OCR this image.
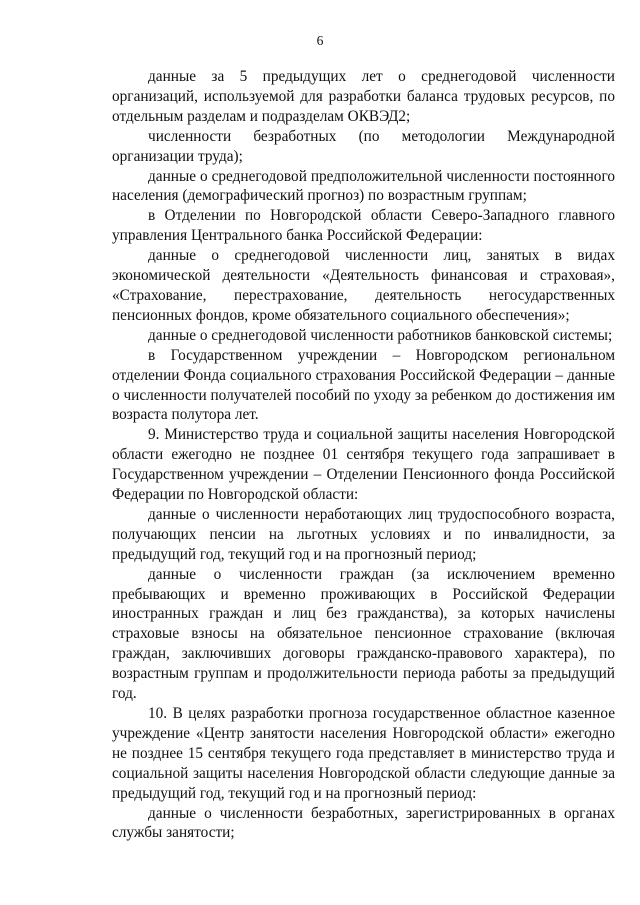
6

данные за 5 предыдущих лет о среднегодовой численности организаций, используемой для разработки баланса трудовых ресурсов, по отдельным разделам и подразделам ОКВЭД2;

численности безработных (по методологии Международной организации труда);

данные о среднегодовой предположительной численности постоянного населения (демографический прогноз) по возрастным группам;

в Отделении по Новгородской области Северо-Западного главного управления Центрального банка Российской Федерации:

данные о среднегодовой численности лиц, занятых в видах экономической деятельности «Деятельность финансовая и страховая», «Страхование, перестрахование, деятельность негосударственных пенсионных фондов, кроме обязательного социального обеспечения»;

данные о среднегодовой численности работников банковской системы;

в Государственном учреждении – Новгородском региональном отделении Фонда социального страхования Российской Федерации – данные о численности получателей пособий по уходу за ребенком до достижения им возраста полутора лет.

9. Министерство труда и социальной защиты населения Новгородской области ежегодно не позднее 01 сентября текущего года запрашивает в Государственном учреждении – Отделении Пенсионного фонда Российской Федерации по Новгородской области:

данные о численности неработающих лиц трудоспособного возраста, получающих пенсии на льготных условиях и по инвалидности, за предыдущий год, текущий год и на прогнозный период;

данные о численности граждан (за исключением временно пребывающих и временно проживающих в Российской Федерации иностранных граждан и лиц без гражданства), за которых начислены страховые взносы на обязательное пенсионное страхование (включая граждан, заключивших договоры гражданско-правового характера), по возрастным группам и продолжительности периода работы за предыдущий год.

10. В целях разработки прогноза государственное областное казенное учреждение «Центр занятости населения Новгородской области» ежегодно не позднее 15 сентября текущего года представляет в министерство труда и социальной защиты населения Новгородской области следующие данные за предыдущий год, текущий год и на прогнозный период:

данные о численности безработных, зарегистрированных в органах службы занятости;
